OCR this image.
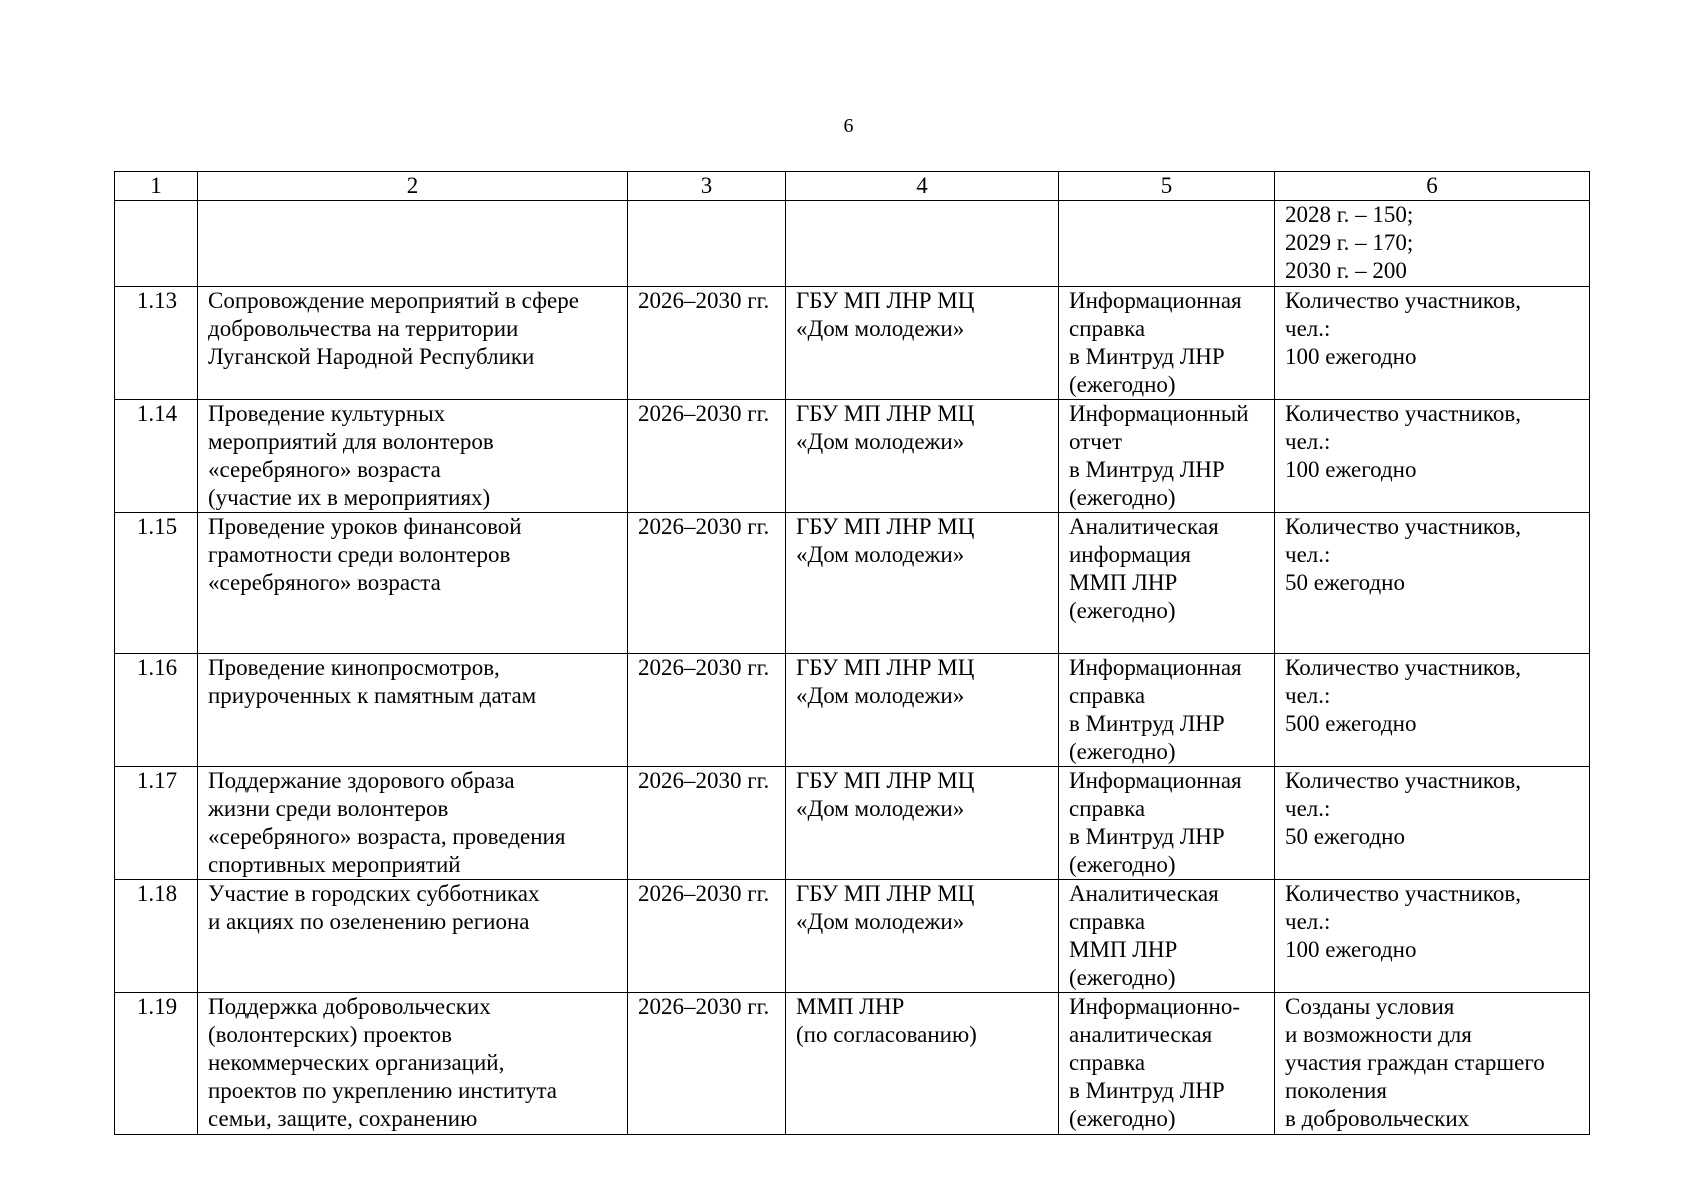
6
1	2	3	4	5	6

					2028 г. – 150;
2029 г. – 170;
2030 г. – 200

1.13	Сопровождение мероприятий в сфере
добровольчества на территории
Луганской Народной Республики	2026–2030 гг.	ГБУ МП ЛНР МЦ
«Дом молодежи»	Информационная
справка
в Минтруд ЛНР
(ежегодно)	Количество участников,
чел.:
100 ежегодно

1.14	Проведение культурных
мероприятий для волонтеров
«серебряного» возраста
(участие их в мероприятиях)	2026–2030 гг.	ГБУ МП ЛНР МЦ
«Дом молодежи»	Информационный
отчет
в Минтруд ЛНР
(ежегодно)	Количество участников,
чел.:
100 ежегодно

1.15	Проведение уроков финансовой
грамотности среди волонтеров
«серебряного» возраста	2026–2030 гг.	ГБУ МП ЛНР МЦ
«Дом молодежи»	Аналитическая
информация
ММП ЛНР
(ежегодно)	Количество участников,
чел.:
50 ежегодно

1.16	Проведение кинопросмотров,
приуроченных к памятным датам	2026–2030 гг.	ГБУ МП ЛНР МЦ
«Дом молодежи»	Информационная
справка
в Минтруд ЛНР
(ежегодно)	Количество участников,
чел.:
500 ежегодно

1.17	Поддержание здорового образа
жизни среди волонтеров
«серебряного» возраста, проведения
спортивных мероприятий	2026–2030 гг.	ГБУ МП ЛНР МЦ
«Дом молодежи»	Информационная
справка
в Минтруд ЛНР
(ежегодно)	Количество участников,
чел.:
50 ежегодно

1.18	Участие в городских субботниках
и акциях по озеленению региона	2026–2030 гг.	ГБУ МП ЛНР МЦ
«Дом молодежи»	Аналитическая
справка
ММП ЛНР
(ежегодно)	Количество участников,
чел.:
100 ежегодно

1.19	Поддержка добровольческих
(волонтерских) проектов
некоммерческих организаций,
проектов по укреплению института
семьи, защите, сохранению	2026–2030 гг.	ММП ЛНР
(по согласованию)	Информационно-
аналитическая
справка
в Минтруд ЛНР
(ежегодно)	Созданы условия
и возможности для
участия граждан старшего
поколения
в добровольческих
